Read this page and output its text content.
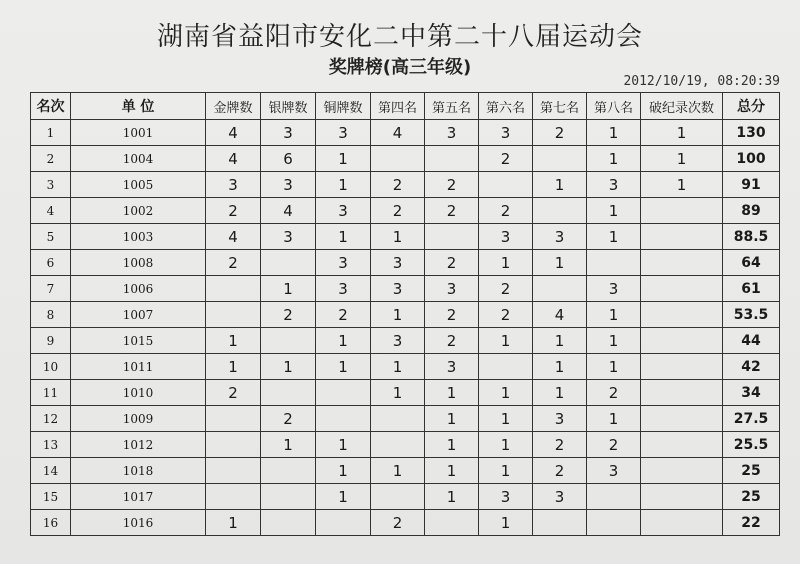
湖南省益阳市安化二中第二十八届运动会
奖牌榜(高三年级)
2012/10/19, 08:20:39
名次	单 位	金牌数	银牌数	铜牌数	第四名	第五名	第六名	第七名	第八名	破纪录次数	总分
1	1001	4	3	3	4	3	3	2	1	1	130
2	1004	4	6	1			2		1	1	100
3	1005	3	3	1	2	2		1	3	1	91
4	1002	2	4	3	2	2	2		1		89
5	1003	4	3	1	1		3	3	1		88.5
6	1008	2		3	3	2	1	1			64
7	1006		1	3	3	3	2		3		61
8	1007		2	2	1	2	2	4	1		53.5
9	1015	1		1	3	2	1	1	1		44
10	1011	1	1	1	1	3		1	1		42
11	1010	2			1	1	1	1	2		34
12	1009		2			1	1	3	1		27.5
13	1012		1	1		1	1	2	2		25.5
14	1018			1	1	1	1	2	3		25
15	1017			1		1	3	3			25
16	1016	1			2		1				22
